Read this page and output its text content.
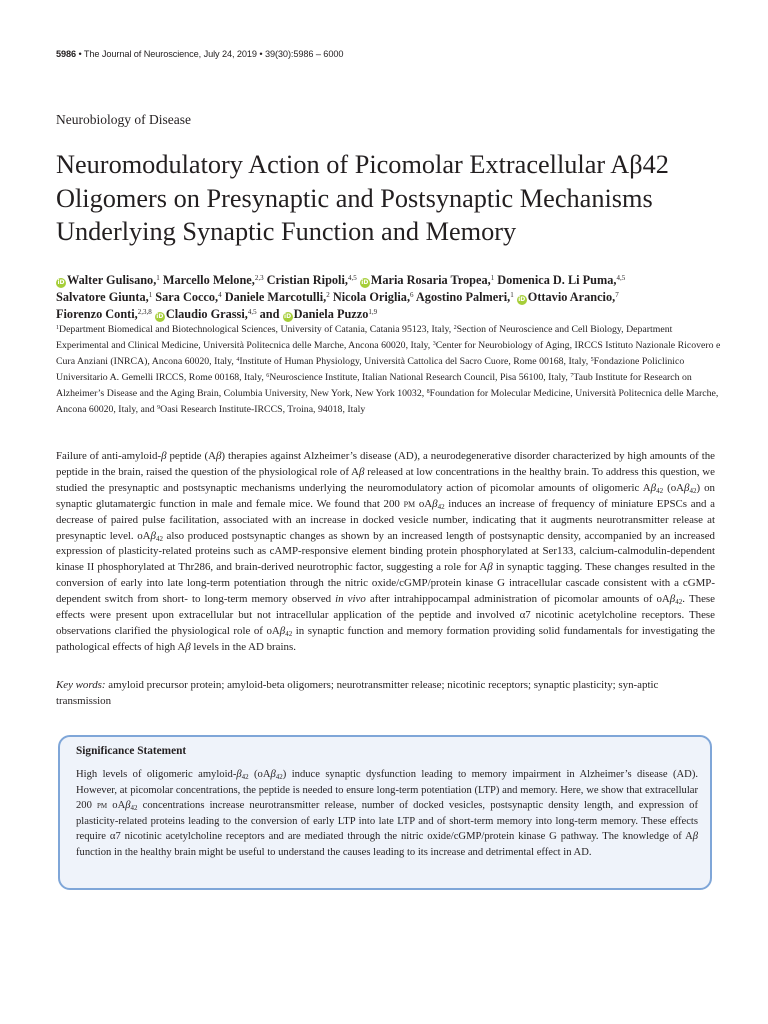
5986 • The Journal of Neuroscience, July 24, 2019 • 39(30):5986 – 6000
Neurobiology of Disease
Neuromodulatory Action of Picomolar Extracellular Aβ42
Oligomers on Presynaptic and Postsynaptic Mechanisms
Underlying Synaptic Function and Memory
iD Walter Gulisano,$^1$ Marcello Melone,$^{2,3}$ Cristian Ripoli,$^{4,5}$ iD Maria Rosaria Tropea,$^1$ Domenica D. Li Puma,$^{4,5}$
Salvatore Giunta,$^1$ Sara Cocco,$^4$ Daniele Marcotulli,$^2$ Nicola Origlia,$^6$ Agostino Palmeri,$^1$ iD Ottavio Arancio,$^7$
Fiorenzo Conti,$^{2,3,8}$ iD Claudio Grassi,$^{4,5}$ and iD Daniela Puzzo$^{1,9}$
$^1$Department Biomedical and Biotechnological Sciences, University of Catania, Catania 95123, Italy, $^2$Section of Neuroscience and Cell Biology, Department Experimental and Clinical Medicine, Università Politecnica delle Marche, Ancona 60020, Italy, $^3$Center for Neurobiology of Aging, IRCCS Istituto Nazionale Ricovero e Cura Anziani (INRCA), Ancona 60020, Italy, $^4$Institute of Human Physiology, Università Cattolica del Sacro Cuore, Rome 00168, Italy, $^5$Fondazione Policlinico Universitario A. Gemelli IRCCS, Rome 00168, Italy, $^6$Neuroscience Institute, Italian National Research Council, Pisa 56100, Italy, $^7$Taub Institute for Research on Alzheimer’s Disease and the Aging Brain, Columbia University, New York, New York 10032, $^8$Foundation for Molecular Medicine, Università Politecnica delle Marche, Ancona 60020, Italy, and $^9$Oasi Research Institute-IRCCS, Troina, 94018, Italy
Failure of anti-amyloid-β peptide (Aβ) therapies against Alzheimer’s disease (AD), a neurodegenerative disorder characterized by high amounts of the peptide in the brain, raised the question of the physiological role of Aβ released at low concentrations in the healthy brain. To address this question, we studied the presynaptic and postsynaptic mechanisms underlying the neuromodulatory action of picomolar amounts of oligomeric $A\beta_{42}$ (oAβ$_{42}$) on synaptic glutamatergic function in male and female mice. We found that 200 pm oAβ$_{42}$ induces an increase of frequency of miniature EPSCs and a decrease of paired pulse facilitation, associated with an increase in docked vesicle number, indicating that it augments neurotransmitter release at presynaptic level. oAβ$_{42}$ also produced postsynaptic changes as shown by an increased length of postsynaptic density, accompanied by an increased expression of plasticity-related proteins such as cAMP-responsive element binding protein phosphorylated at Ser133, calcium-calmodulin-dependent kinase II phosphorylated at Thr286, and brain-derived neurotrophic factor, suggesting a role for Aβ in synaptic tagging. These changes resulted in the conversion of early into late long-term potentiation through the nitric oxide/cGMP/protein kinase G intracellular cascade consistent with a cGMP-dependent switch from short- to long-term memory observed in vivo after intrahippocampal administration of picomolar amounts of oAβ$_{42}$. These effects were present upon extracellular but not intracellular application of the peptide and involved α7 nicotinic acetylcholine receptors. These observations clarified the physiological role of oAβ$_{42}$ in synaptic function and memory formation providing solid fundamentals for investigating the pathological effects of high Aβ levels in the AD brains.
Key words: amyloid precursor protein; amyloid-beta oligomers; neurotransmitter release; nicotinic receptors; synaptic plasticity; syn-aptic transmission
Significance Statement
High levels of oligomeric amyloid-$\beta_{42}$ (oAβ$_{42}$) induce synaptic dysfunction leading to memory impairment in Alzheimer’s disease (AD). However, at picomolar concentrations, the peptide is needed to ensure long-term potentiation (LTP) and memory. Here, we show that extracellular 200 pm oAβ$_{42}$ concentrations increase neurotransmitter release, number of docked vesicles, postsynaptic density length, and expression of plasticity-related proteins leading to the conversion of early LTP into late LTP and of short-term memory into long-term memory. These effects require α7 nicotinic acetylcholine receptors and are mediated through the nitric oxide/cGMP/protein kinase G pathway. The knowledge of Aβ function in the healthy brain might be useful to understand the causes leading to its increase and detrimental effect in AD.
